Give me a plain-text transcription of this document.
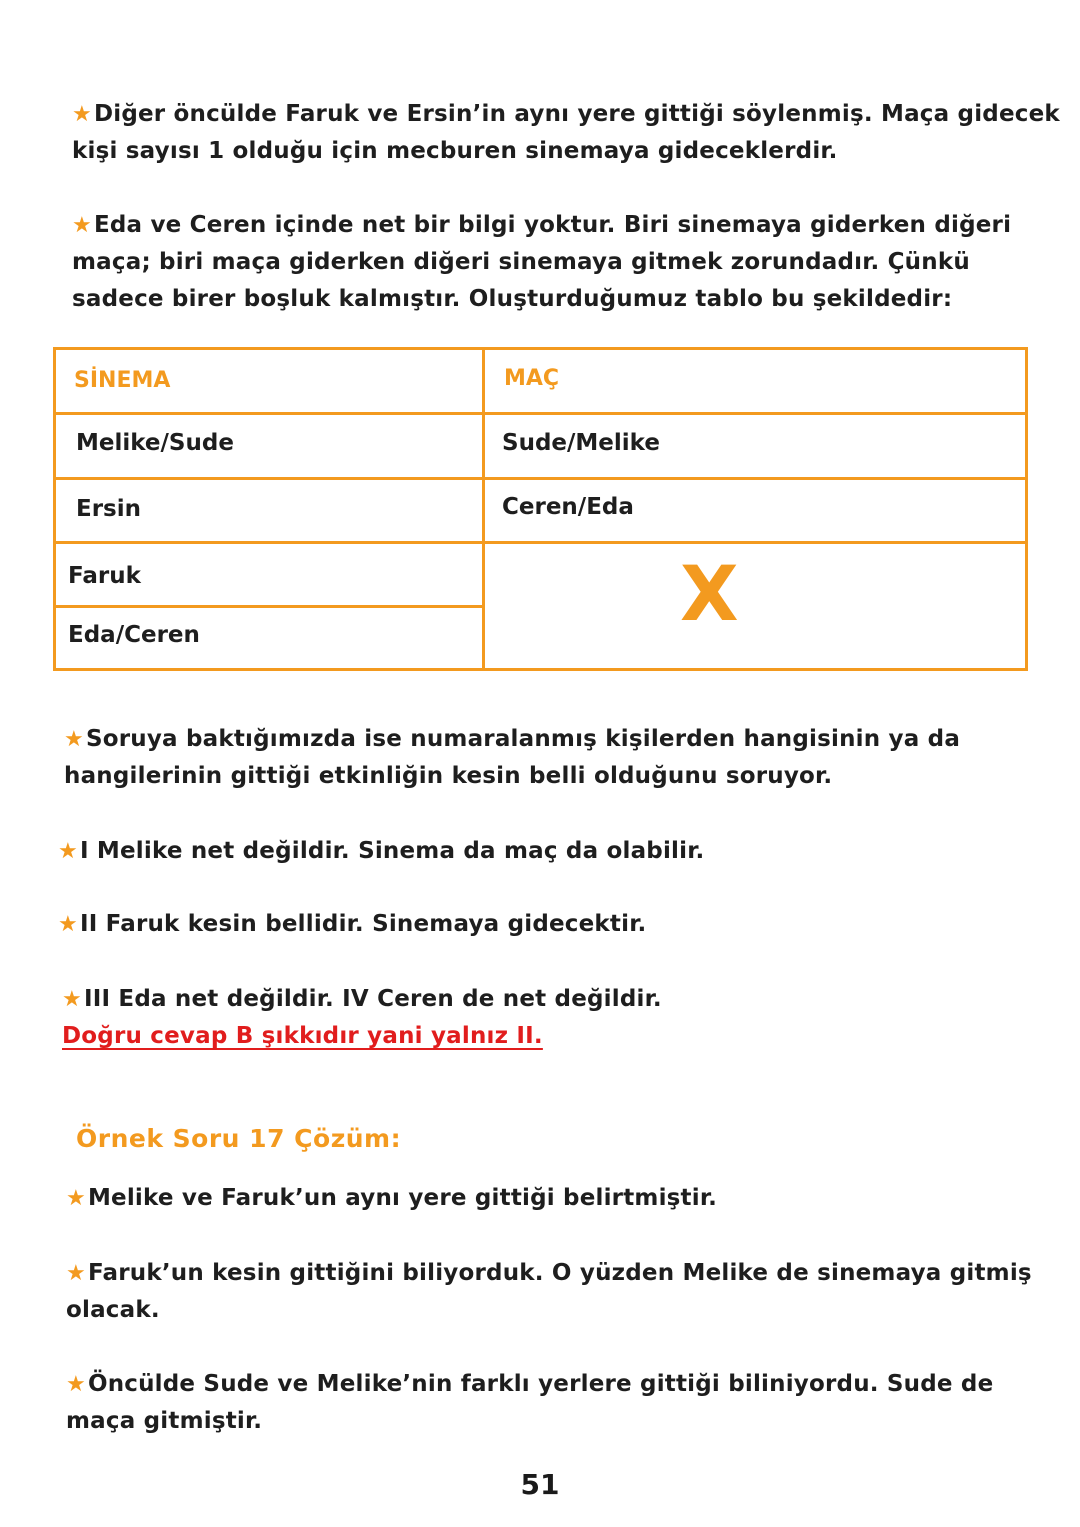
★Diğer öncülde Faruk ve Ersin’in aynı yere gittiği söylenmiş. Maça gidecek
kişi sayısı 1 olduğu için mecburen sinemaya gideceklerdir.
★Eda ve Ceren içinde net bir bilgi yoktur. Biri sinemaya giderken diğeri
maça; biri maça giderken diğeri sinemaya gitmek zorundadır. Çünkü
sadece birer boşluk kalmıştır. Oluşturduğumuz tablo bu şekildedir:
SİNEMA	MAÇ
Melike/Sude
Ersin
Faruk
Eda/Ceren
Sude/Melike
Ceren/Eda
X
★Soruya baktığımızda ise numaralanmış kişilerden hangisinin ya da
hangilerinin gittiği etkinliğin kesin belli olduğunu soruyor.
★I Melike net değildir. Sinema da maç da olabilir.
★II Faruk kesin bellidir. Sinemaya gidecektir.
★III Eda net değildir. IV Ceren de net değildir.
Doğru cevap B şıkkıdır yani yalnız II.
Örnek Soru 17 Çözüm:
★Melike ve Faruk’un aynı yere gittiği belirtmiştir.
★Faruk’un kesin gittiğini biliyorduk. O yüzden Melike de sinemaya gitmiş
olacak.
★Öncülde Sude ve Melike’nin farklı yerlere gittiği biliniyordu. Sude de
maça gitmiştir.
51
